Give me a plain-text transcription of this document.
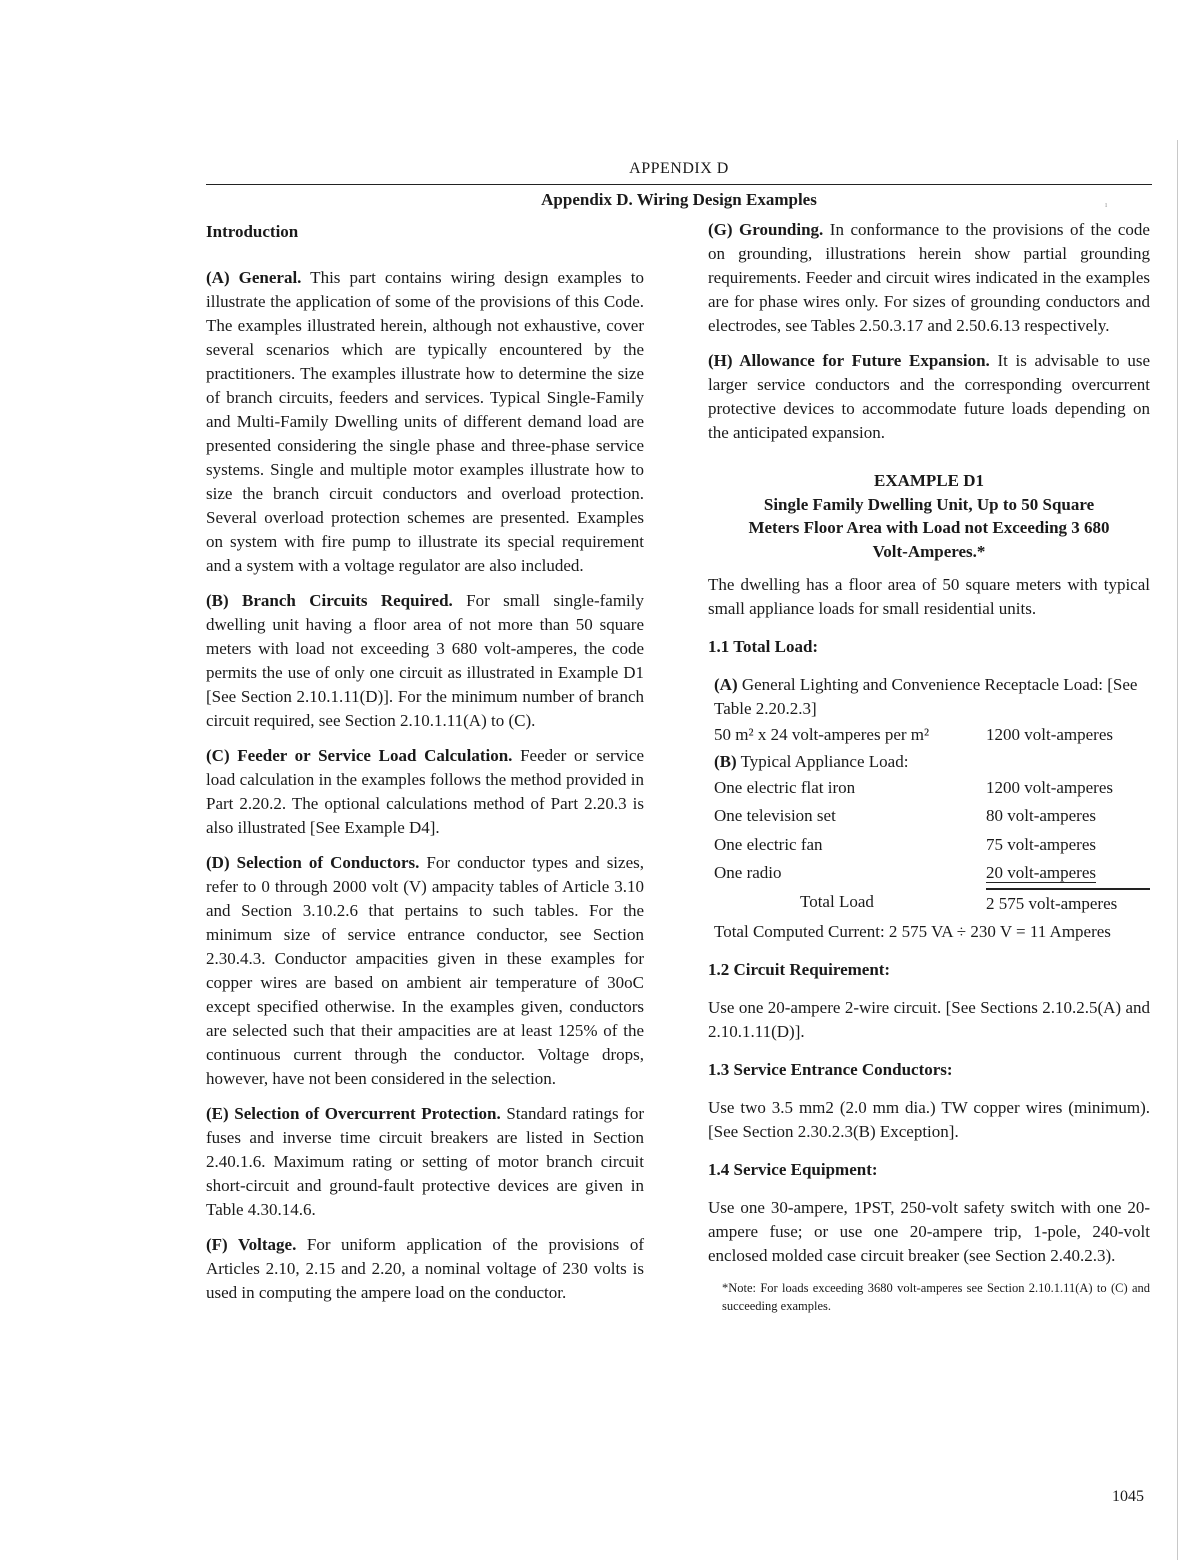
APPENDIX D
Appendix D. Wiring Design Examples	ı
Introduction

(A) General. This part contains wiring design examples to illustrate the application of some of the provisions of this Code. The examples illustrated herein, although not exhaustive, cover several scenarios which are typically encountered by the practitioners. The examples illustrate how to determine the size of branch circuits, feeders and services. Typical Single-Family and Multi-Family Dwelling units of different demand load are presented considering the single phase and three-phase service systems. Single and multiple motor examples illustrate how to size the branch circuit conductors and overload protection. Several overload protection schemes are presented. Examples on system with fire pump to illustrate its special requirement and a system with a voltage regulator are also included.

(B) Branch Circuits Required. For small single-family dwelling unit having a floor area of not more than 50 square meters with load not exceeding 3 680 volt-amperes, the code permits the use of only one circuit as illustrated in Example D1 [See Section 2.10.1.11(D)]. For the minimum number of branch circuit required, see Section 2.10.1.11(A) to (C).

(C) Feeder or Service Load Calculation. Feeder or service load calculation in the examples follows the method provided in Part 2.20.2. The optional calculations method of Part 2.20.3 is also illustrated [See Example D4].

(D) Selection of Conductors. For conductor types and sizes, refer to 0 through 2000 volt (V) ampacity tables of Article 3.10 and Section 3.10.2.6 that pertains to such tables. For the minimum size of service entrance conductor, see Section 2.30.4.3. Conductor ampacities given in these examples for copper wires are based on ambient air temperature of 30oC except specified otherwise. In the examples given, conductors are selected such that their ampacities are at least 125% of the continuous current through the conductor. Voltage drops, however, have not been considered in the selection.

(E) Selection of Overcurrent Protection. Standard ratings for fuses and inverse time circuit breakers are listed in Section 2.40.1.6. Maximum rating or setting of motor branch circuit short-circuit and ground-fault protective devices are given in Table 4.30.14.6.

(F) Voltage. For uniform application of the provisions of Articles 2.10, 2.15 and 2.20, a nominal voltage of 230 volts is used in computing the ampere load on the conductor.

(G) Grounding. In conformance to the provisions of the code on grounding, illustrations herein show partial grounding requirements. Feeder and circuit wires indicated in the examples are for phase wires only. For sizes of grounding conductors and electrodes, see Tables 2.50.3.17 and 2.50.6.13 respectively.

(H) Allowance for Future Expansion. It is advisable to use larger service conductors and the corresponding overcurrent protective devices to accommodate future loads depending on the anticipated expansion.

EXAMPLE D1
Single Family Dwelling Unit, Up to 50 Square
Meters Floor Area with Load not Exceeding 3 680
Volt-Amperes.*

The dwelling has a floor area of 50 square meters with typical small appliance loads for small residential units.

1.1 Total Load:
(A) General Lighting and Convenience Receptacle Load: [See Table 2.20.2.3]
50 m² x 24 volt-amperes per m²	1200 volt-amperes
(B) Typical Appliance Load:
One electric flat iron	1200 volt-amperes
One television set	80 volt-amperes
One electric fan	75 volt-amperes
One radio	20 volt-amperes
Total Load	2 575 volt-amperes
Total Computed Current: 2 575 VA ÷ 230 V = 11 Amperes
1.2 Circuit Requirement:

Use one 20-ampere 2-wire circuit. [See Sections 2.10.2.5(A) and 2.10.1.11(D)].

1.3 Service Entrance Conductors:

Use two 3.5 mm2 (2.0 mm dia.) TW copper wires (minimum). [See Section 2.30.2.3(B) Exception].

1.4 Service Equipment:

Use one 30-ampere, 1PST, 250-volt safety switch with one 20-ampere fuse; or use one 20-ampere trip, 1-pole, 240-volt enclosed molded case circuit breaker (see Section 2.40.2.3).

*Note: For loads exceeding 3680 volt-amperes see Section 2.10.1.11(A) to (C) and succeeding examples.

1045
